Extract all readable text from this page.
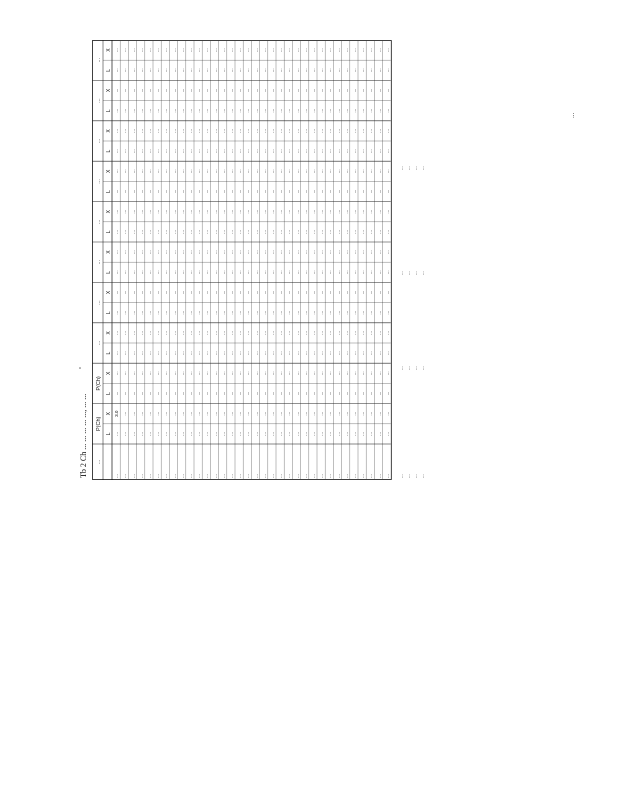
Tb 2 Ch ... ... ... ... ..., ... ...	...
P(Ch)
P(Ch)
...
...
...
...
...
...
...
...
L
X
L
X
L
X
L
X
L
X
L
X
L
X
L
X
L
X
L
X
...
...
3.0
...
...
...
...
...
...
...
...
...
...
...
...
...
...
...
...
...
...
...
...
...
...
...
...
...
...
...
...
...
...
...
...
...
...
...
...
...
...
...
...
...
...
...
...
...
...
...
...
...
...
...
...
...
...
...
...
...
...
...
...
...
...
...
...
...
...
...
...
...
...
...
...
...
...
...
...
...
...
...
...
...
...
...
...
...
...
...
...
...
...
...
...
...
...
...
...
...
...
...
...
...
...
...
...
...
...
...
...
...
...
...
...
...
...
...
...
...
...
...
...
...
...
...
...
...
...
...
...
...
...
...
...
...
...
...
...
...
...
...
...
...
...
...
...
...
...
...
...
...
...
...
...
...
...
...
...
...
...
...
...
...
...
...
...
...
...
...
...
...
...
...
...
...
...
...
...
...
...
...
...
...
...
...
...
...
...
...
...
...
...
...
...
...
...
...
...
...
...
...
...
...
...
...
...
...
...
...
...
...
...
...
...
...
...
...
...
...
...
...
...
...
...
...
...
...
...
...
...
...
...
...
...
...
...
...
...
...
...
...
...
...
...
...
...
...
...
...
...
...
...
...
...
...
...
...
...
...
...
...
...
...
...
...
...
...
...
...
...
...
...
...
...
...
...
...
...
...
...
...
...
...
...
...
...
...
...
...
...
...
...
...
...
...
...
...
...
...
...
...
...
...
...
...
...
...
...
...
...
...
...
...
...
...
...
...
...
...
...
...
...
...
...
...
...
...
...
...
...
...
...
...
...
...
...
...
...
...
...
...
...
...
...
...
...
...
...
...
...
...
...
...
...
...
...
...
...
...
...
...
...
...
...
...
...
...
...
...
...
...
...
...
...
...
...
...
...
...
...
...
...
...
...
...
...
...
...
...
...
...
...
...
...
...
...
...
...
...
...
...
...
...
...
...
...
...
...
...
...
...
...
...
...
...
...
...
...
...
...
...
...
...
...
...
...
...
...
...
...
...
...
...
...
...
...
...
...
...
...
...
...
...
...
...
...
...
...
...
...
...
...
...
...
...
...
...
...
...
...
...
...
...
...
...
...
...
...
...
...
...
...
...
...
...
...
...
...
...
...
...
...
...
...
...
...
...
...
...
...
...
...
...
...
...
...
...
...
...
...
...
...
...
...
...
...
...
...
...
...
...
...
...
...
...
...
...
...
...
...
...
...
...
...
...
...
...
...
...
...
...
...
...
...
...
...
...
...
...
...
...
...
...
...
...
...
...
...
...
...
...
...
...
...
...
...
...
...
...
...
...
...
...
...
...
...
...
...
...
...
...
...
...
...
...
...
...
...
...
...
...
...
...
...
...
...
...
...
...
...
...
...
...
...
...
...
...
...
...
...
...
...
...
...
...
...
...
...
...
...
...
...
...
...
...
...
...
...
...
...
...
...
...
...
...
...
...
...
...
...
...
...
...
...
...
...
...
...
...
...
...
...
...
...
...
...
...
...
...
...
...
...
...
...
...
...
...
...
...
...
...
...
...
...
...
...
...
...
...
...
...
...
...
...
...
...
...
...
...
...
...
...
...
...
...
...
...
...
...
...
...
...
...
...
...
...
...
...
...
...
...
...
...
...
...
...
...
...
...
...
...
...
...
...
...
...
...
...
...
...
...
...
...
...
...
...
...
...
...
...
